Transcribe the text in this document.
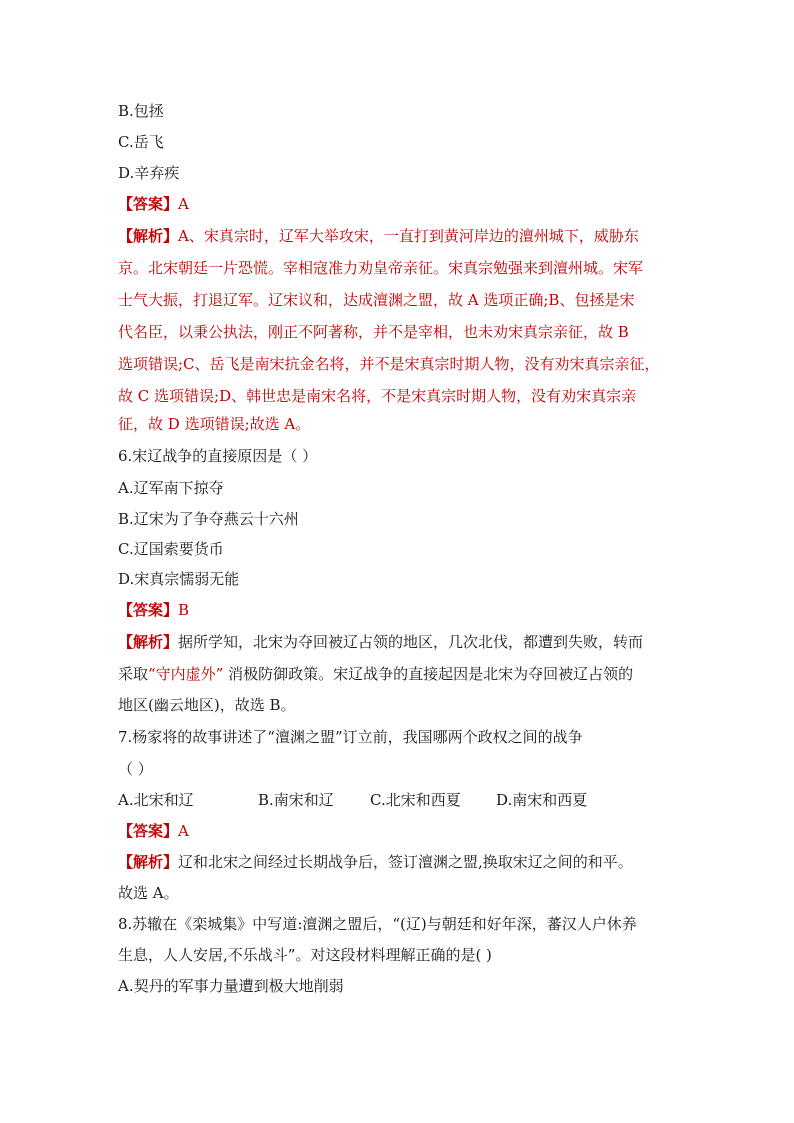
B.包拯
C.岳飞
D.辛弃疾
【答案】A
【解析】A、宋真宗时，辽军大举攻宋，一直打到黄河岸边的澶州城下，威胁东
京。北宋朝廷一片恐慌。宰相寇准力劝皇帝亲征。宋真宗勉强来到澶州城。宋军
士气大振，打退辽军。辽宋议和，达成澶渊之盟，故 A 选项正确;B、包拯是宋
代名臣，以秉公执法，刚正不阿著称，并不是宰相，也未劝宋真宗亲征，故 B
选项错误;C、岳飞是南宋抗金名将，并不是宋真宗时期人物，没有劝宋真宗亲征，
故 C 选项错误;D、韩世忠是南宋名将，不是宋真宗时期人物，没有劝宋真宗亲
征，故 D 选项错误;故选 A。
6.宋辽战争的直接原因是（ ）
A.辽军南下掠夺
B.辽宋为了争夺燕云十六州
C.辽国索要货币
D.宋真宗懦弱无能
【答案】B
【解析】据所学知，北宋为夺回被辽占领的地区，几次北伐，都遭到失败，转而
采取“守内虚外” 消极防御政策。宋辽战争的直接起因是北宋为夺回被辽占领的
地区(幽云地区)，故选 B。
7.杨家将的故事讲述了“澶渊之盟”订立前，我国哪两个政权之间的战争
（ ）
A.北宋和辽	B.南宋和辽 C.北宋和西夏 D.南宋和西夏
【答案】A
【解析】辽和北宋之间经过长期战争后，签订澶渊之盟,换取宋辽之间的和平。
故选 A。
8.苏辙在《栾城集》中写道:澶渊之盟后，“(辽)与朝廷和好年深，蕃汉人户休养
生息，人人安居,不乐战斗”。对这段材料理解正确的是( )
A.契丹的军事力量遭到极大地削弱
